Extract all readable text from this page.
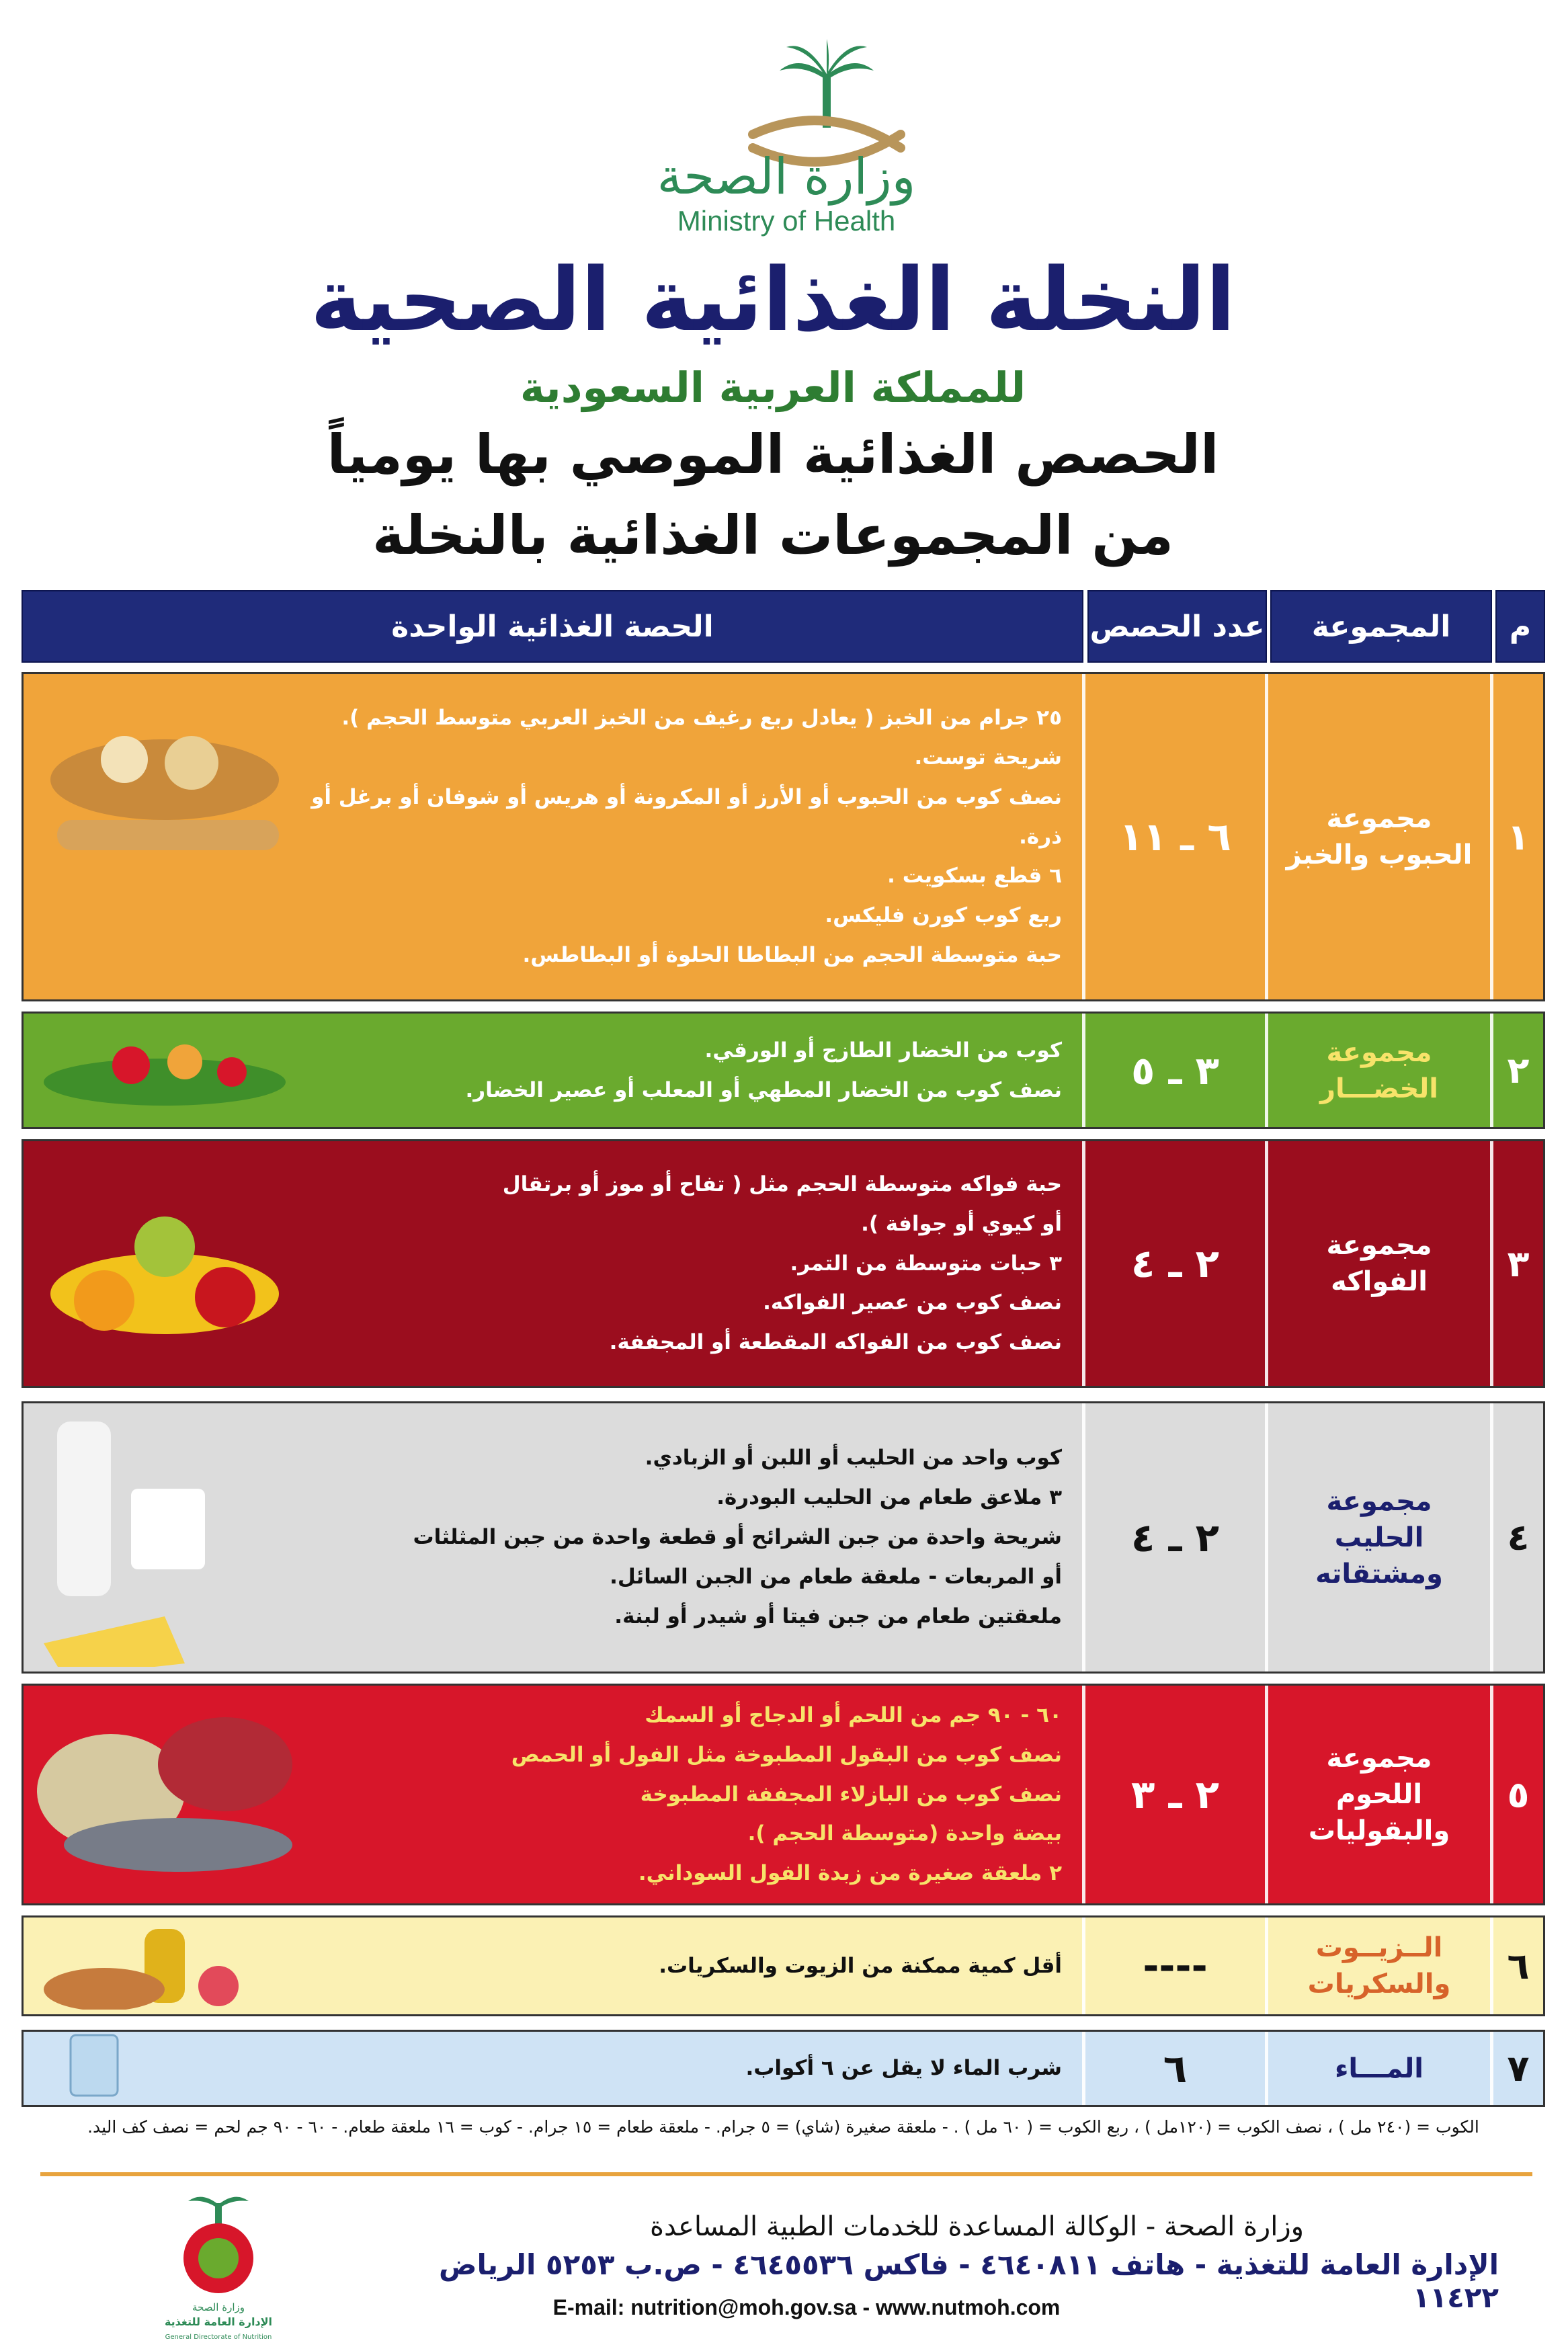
وزارة الصحة
Ministry of Health
النخلة الغذائية الصحية
للمملكة العربية السعودية
الحصص الغذائية الموصي بها يومياً
من المجموعات الغذائية بالنخلة
م
المجموعة
عدد الحصص
الحصة الغذائية الواحدة
١
مجموعة
الحبوب والخبز
٦ ـ ١١
٢٥ جرام من الخبز ( يعادل ربع رغيف من الخبز العربي متوسط الحجم ).
شريحة توست.
نصف كوب من الحبوب أو الأرز أو المكرونة أو هريس أو شوفان أو برغل أو ذرة.
٦ قطع بسكويت .
ربع كوب كورن فليكس.
حبة متوسطة الحجم من البطاطا الحلوة أو البطاطس.
٢
مجموعة
الخضـــار
٣ ـ ٥
كوب من الخضار الطازج أو الورقي.
نصف كوب من الخضار المطهي أو المعلب أو عصير الخضار.
٣
مجموعة
الفواكه
٢ ـ ٤
حبة فواكه متوسطة الحجم مثل ( تفاح أو موز أو برتقال
أو كيوي أو جوافة ).
٣ حبات متوسطة من التمر.
نصف كوب من عصير الفواكه.
نصف كوب من الفواكه المقطعة أو المجففة.
٤
مجموعة
الحليب
ومشتقاته
٢ ـ ٤
كوب واحد من الحليب أو اللبن أو الزبادي.
٣ ملاعق طعام من الحليب البودرة.
شريحة واحدة من جبن الشرائح أو قطعة واحدة من جبن المثلثات
أو المربعات - ملعقة طعام من الجبن السائل.
ملعقتين طعام من جبن فيتا أو شيدر أو لبنة.
٥
مجموعة
اللحوم
والبقوليات
٢ ـ ٣
٦٠ - ٩٠ جم من اللحم أو الدجاج أو السمك
نصف كوب من البقول المطبوخة مثل الفول أو الحمص
نصف كوب من البازلاء المجففة المطبوخة
بيضة واحدة (متوسطة الحجم ).
٢ ملعقة صغيرة من زبدة الفول السوداني.
٦
الــزيــوت
والسكريات
----
أقل كمية ممكنة من الزيوت والسكريات.
٧
المـــاء
٦
شرب الماء لا يقل عن ٦ أكواب.
الكوب = (٢٤٠ مل ) ، نصف الكوب = (١٢٠مل ) ، ربع الكوب = ( ٦٠ مل ) . - ملعقة صغيرة (شاي) = ٥ جرام. - ملعقة طعام = ١٥ جرام. - كوب = ١٦ ملعقة طعام. - ٦٠ - ٩٠ جم لحم = نصف كف اليد.
وزارة الصحة
الإدارة العامة للتغذية
General Directorate of Nutrition
وزارة الصحة - الوكالة المساعدة للخدمات الطبية المساعدة
الإدارة العامة للتغذية - هاتف ٤٦٤٠٨١١ - فاكس ٤٦٤٥٥٣٦ - ص.ب ٥٢٥٣ الرياض ١١٤٢٢
E-mail: nutrition@moh.gov.sa - www.nutmoh.com
